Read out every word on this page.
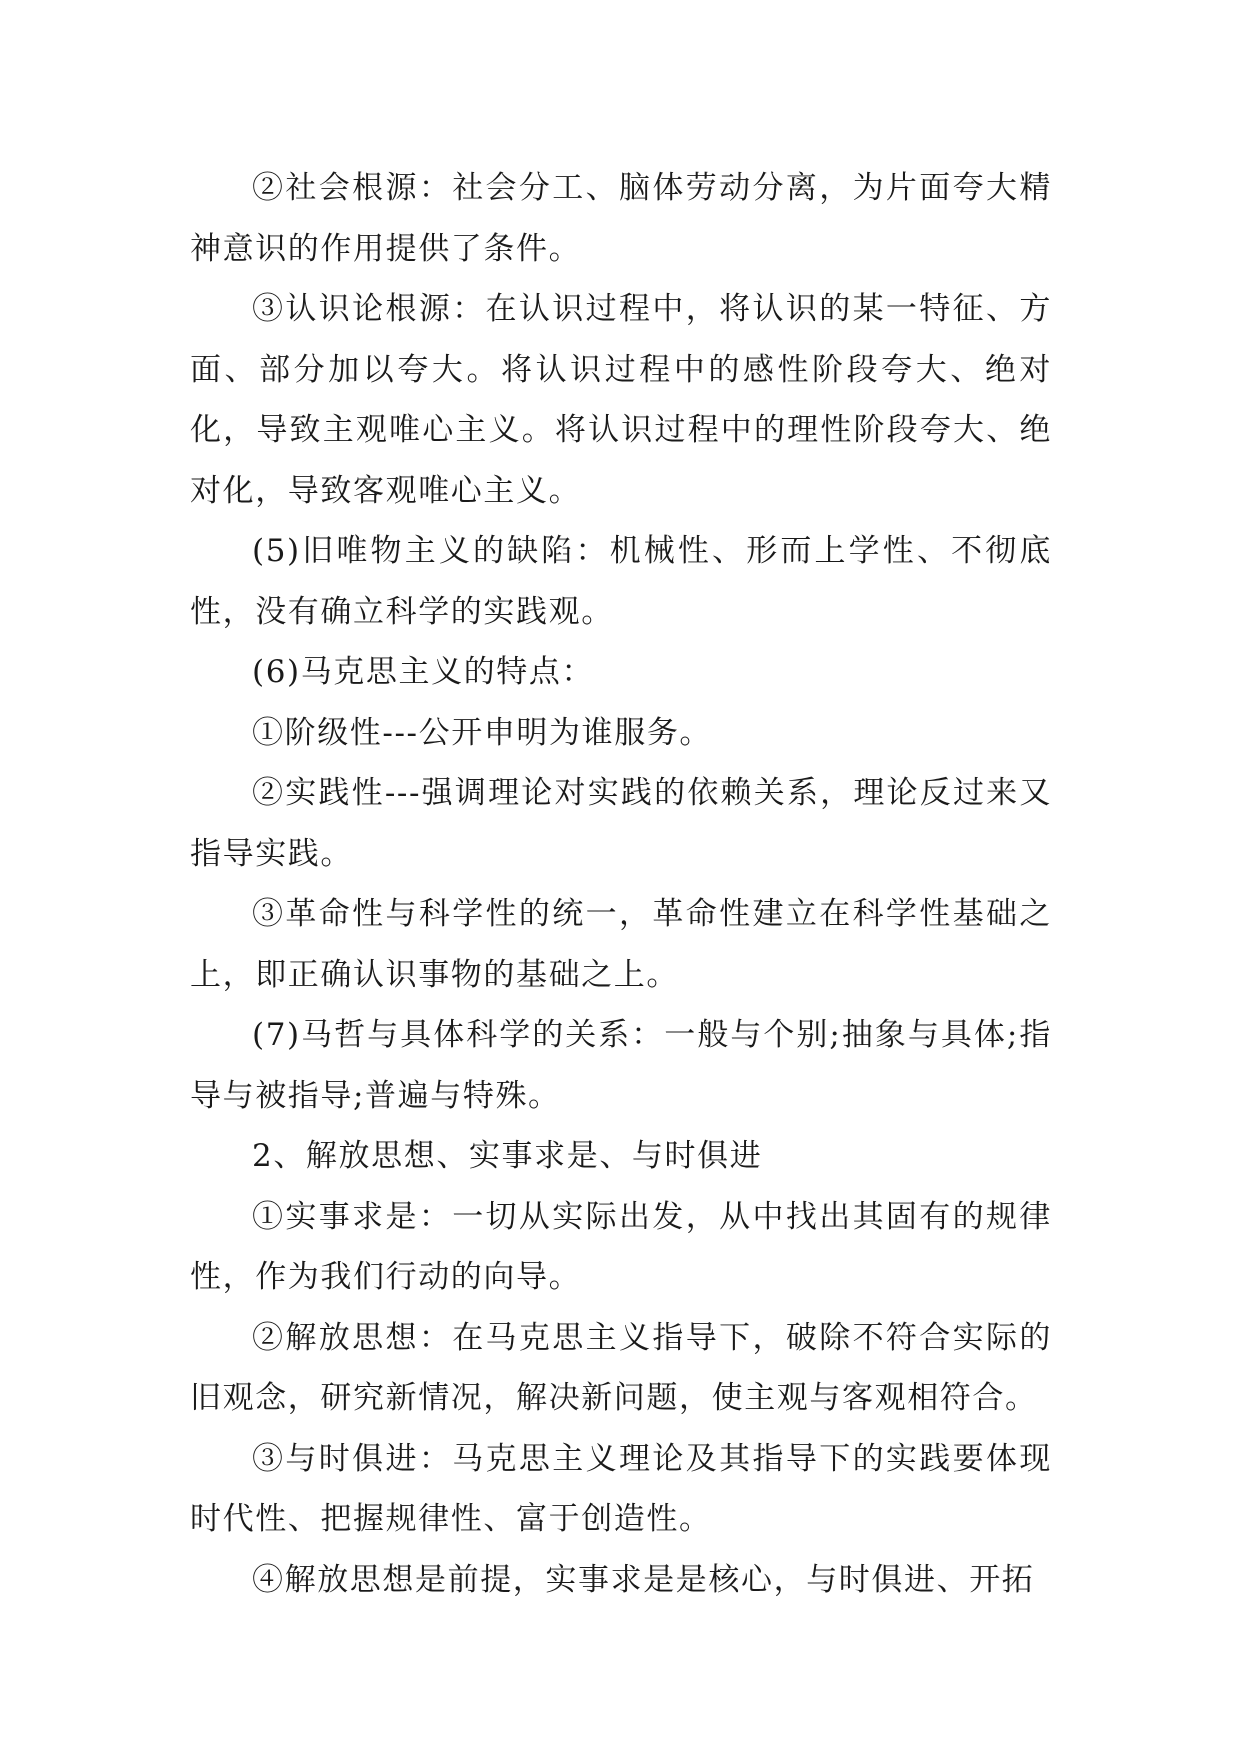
②社会根源：社会分工、脑体劳动分离，为片面夸大精神意识的作用提供了条件。

③认识论根源：在认识过程中，将认识的某一特征、方面、部分加以夸大。将认识过程中的感性阶段夸大、绝对化，导致主观唯心主义。将认识过程中的理性阶段夸大、绝对化，导致客观唯心主义。

(5)旧唯物主义的缺陷：机械性、形而上学性、不彻底性，没有确立科学的实践观。

(6)马克思主义的特点：

①阶级性---公开申明为谁服务。

②实践性---强调理论对实践的依赖关系，理论反过来又指导实践。

③革命性与科学性的统一，革命性建立在科学性基础之上，即正确认识事物的基础之上。

(7)马哲与具体科学的关系：一般与个别;抽象与具体;指导与被指导;普遍与特殊。

2、解放思想、实事求是、与时俱进

①实事求是：一切从实际出发，从中找出其固有的规律性，作为我们行动的向导。

②解放思想：在马克思主义指导下，破除不符合实际的旧观念，研究新情况，解决新问题，使主观与客观相符合。

③与时俱进：马克思主义理论及其指导下的实践要体现时代性、把握规律性、富于创造性。

④解放思想是前提，实事求是是核心，与时俱进、开拓
